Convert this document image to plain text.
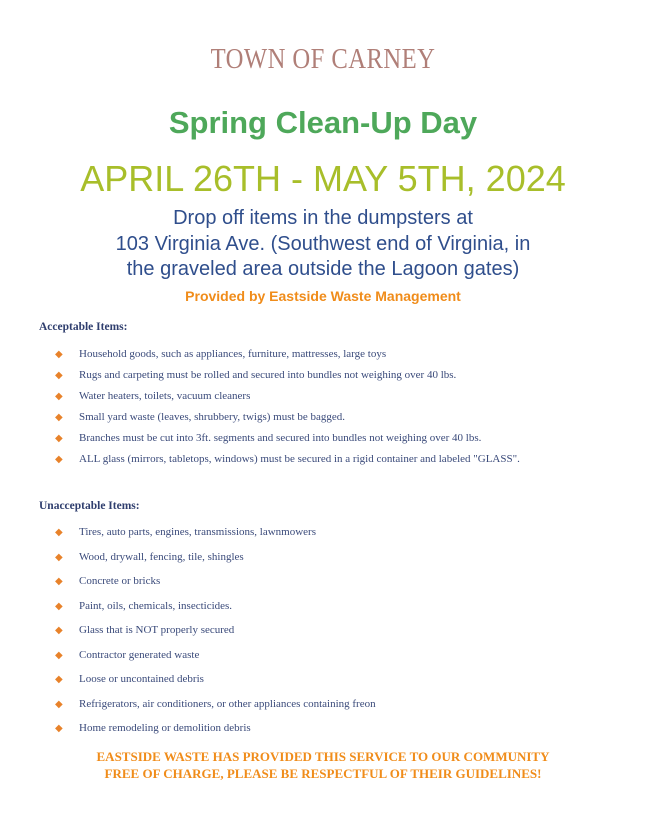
TOWN OF CARNEY
Spring Clean-Up Day
APRIL 26TH - MAY 5TH, 2024
Drop off items in the dumpsters at
103 Virginia Ave. (Southwest end of Virginia, in
the graveled area outside the Lagoon gates)
Provided by Eastside Waste Management
Acceptable Items:
◆ Household goods, such as appliances, furniture, mattresses, large toys
◆ Rugs and carpeting must be rolled and secured into bundles not weighing over 40 lbs.
◆ Water heaters, toilets, vacuum cleaners
◆ Small yard waste (leaves, shrubbery, twigs) must be bagged.
◆ Branches must be cut into 3ft. segments and secured into bundles not weighing over 40 lbs.
◆ ALL glass (mirrors, tabletops, windows) must be secured in a rigid container and labeled "GLASS".
Unacceptable Items:
◆ Tires, auto parts, engines, transmissions, lawnmowers
◆ Wood, drywall, fencing, tile, shingles
◆ Concrete or bricks
◆ Paint, oils, chemicals, insecticides.
◆ Glass that is NOT properly secured
◆ Contractor generated waste
◆ Loose or uncontained debris
◆ Refrigerators, air conditioners, or other appliances containing freon
◆ Home remodeling or demolition debris
EASTSIDE WASTE HAS PROVIDED THIS SERVICE TO OUR COMMUNITY
FREE OF CHARGE, PLEASE BE RESPECTFUL OF THEIR GUIDELINES!
